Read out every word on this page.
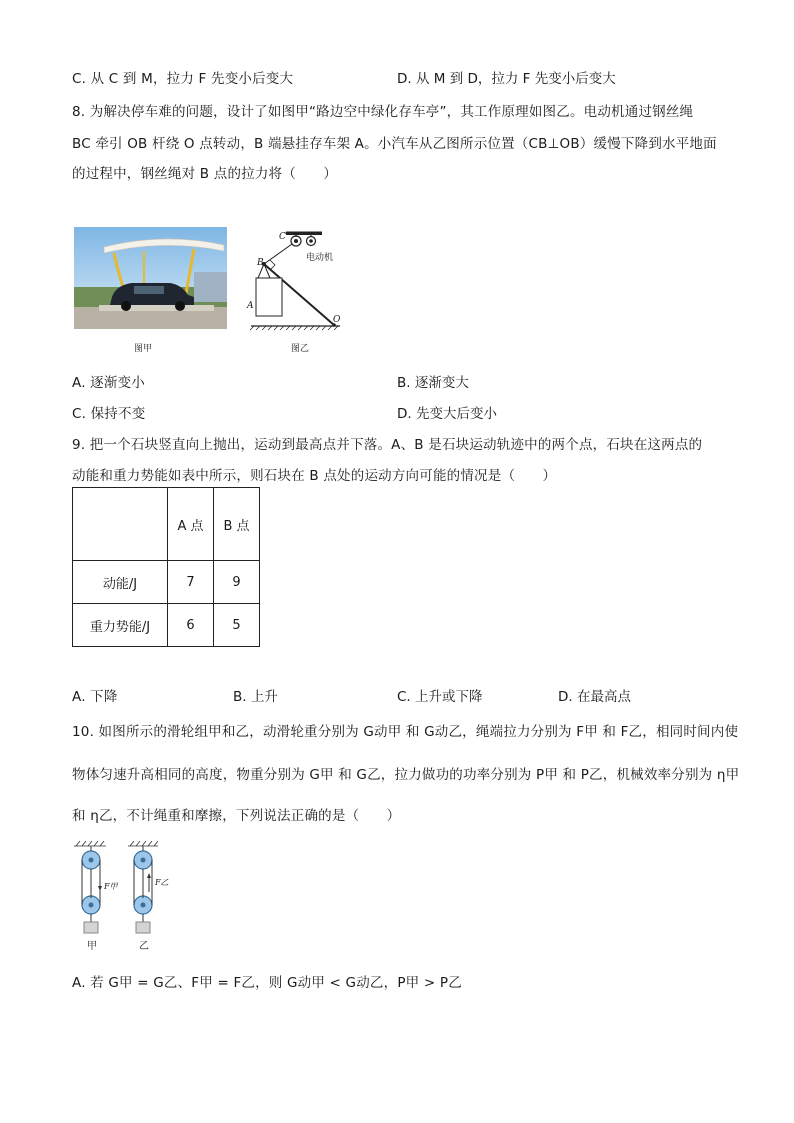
C. 从 C 到 M，拉力 F 先变小后变大	D. 从 M 到 D，拉力 F 先变小后变大
8. 为解决停车难的问题，设计了如图甲“路边空中绿化存车亭”，其工作原理如图乙。电动机通过钢丝绳
BC 牵引 OB 杆绕 O 点转动，B 端悬挂存车架 A。小汽车从乙图所示位置（CB⊥OB）缓慢下降到水平地面
的过程中，钢丝绳对 B 点的拉力将（　　）
图甲
C
B
A
O
电动机
图乙
A. 逐渐变小	B. 逐渐变大
C. 保持不变	D. 先变大后变小
9. 把一个石块竖直向上抛出，运动到最高点并下落。A、B 是石块运动轨迹中的两个点，石块在这两点的
动能和重力势能如表中所示，则石块在 B 点处的运动方向可能的情况是（　　）
	A 点	B 点
动能/J	7	9
重力势能/J	6	5
A. 下降	B. 上升	C. 上升或下降	D. 在最高点
10. 如图所示的滑轮组甲和乙，动滑轮重分别为 G动甲 和 G动乙，绳端拉力分别为 F甲 和 F乙，相同时间内使
物体匀速升高相同的高度，物重分别为 G甲 和 G乙，拉力做功的功率分别为 P甲 和 P乙，机械效率分别为 η甲
和 η乙，不计绳重和摩擦，下列说法正确的是（　　）
F甲	F乙
甲	乙
A. 若 G甲 = G乙、F甲 = F乙，则 G动甲 < G动乙，P甲 > P乙
